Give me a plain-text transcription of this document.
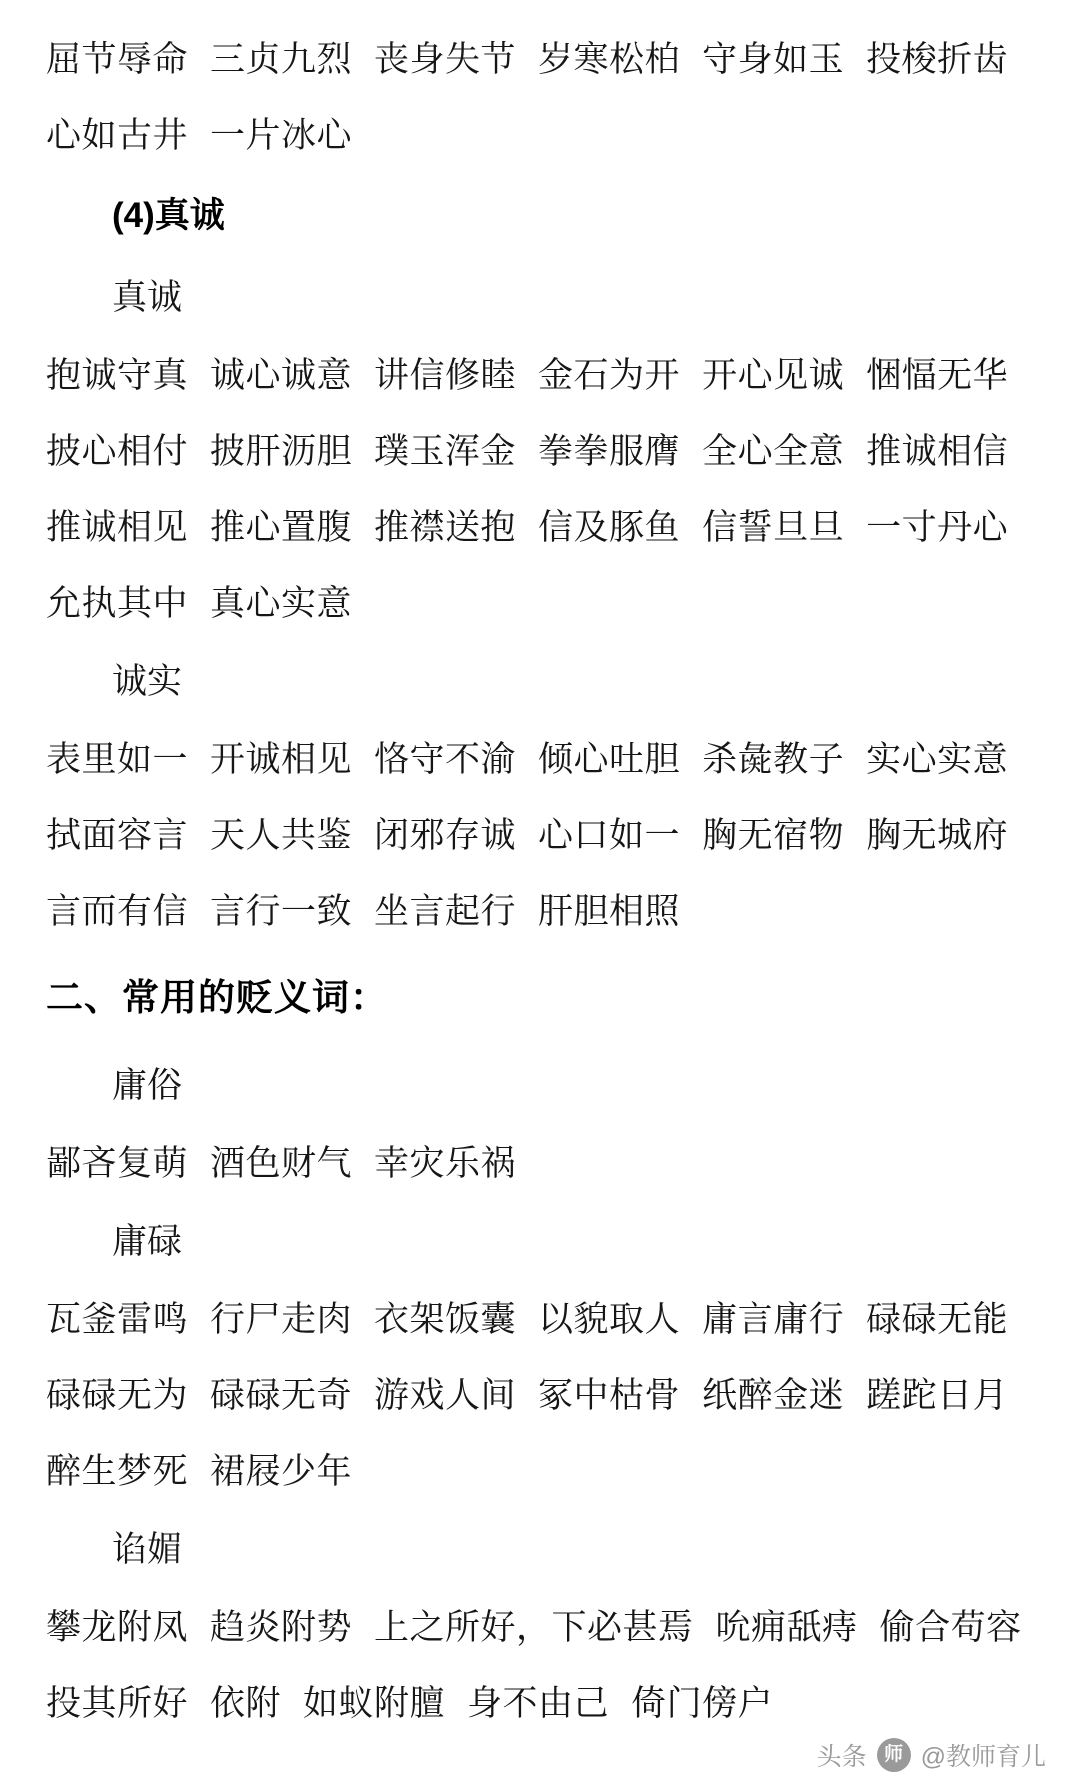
屈节辱命 三贞九烈 丧身失节 岁寒松柏 守身如玉 投梭折齿
心如古井 一片冰心
(4)真诚
真诚
抱诚守真 诚心诚意 讲信修睦 金石为开 开心见诚 悃愊无华
披心相付 披肝沥胆 璞玉浑金 拳拳服膺 全心全意 推诚相信
推诚相见 推心置腹 推襟送抱 信及豚鱼 信誓旦旦 一寸丹心
允执其中 真心实意
诚实
表里如一 开诚相见 恪守不渝 倾心吐胆 杀彘教子 实心实意
拭面容言 天人共鉴 闭邪存诚 心口如一 胸无宿物 胸无城府
言而有信 言行一致 坐言起行 肝胆相照
二、常用的贬义词：
庸俗
鄙吝复萌 酒色财气 幸灾乐祸
庸碌
瓦釜雷鸣 行尸走肉 衣架饭囊 以貌取人 庸言庸行 碌碌无能
碌碌无为 碌碌无奇 游戏人间 冢中枯骨 纸醉金迷 蹉跎日月
醉生梦死 裙屐少年
谄媚
攀龙附凤 趋炎附势 上之所好，下必甚焉 吮痈舐痔 偷合苟容
投其所好 依附 如蚁附膻 身不由己 倚门傍户
头条 师 @教师育儿
